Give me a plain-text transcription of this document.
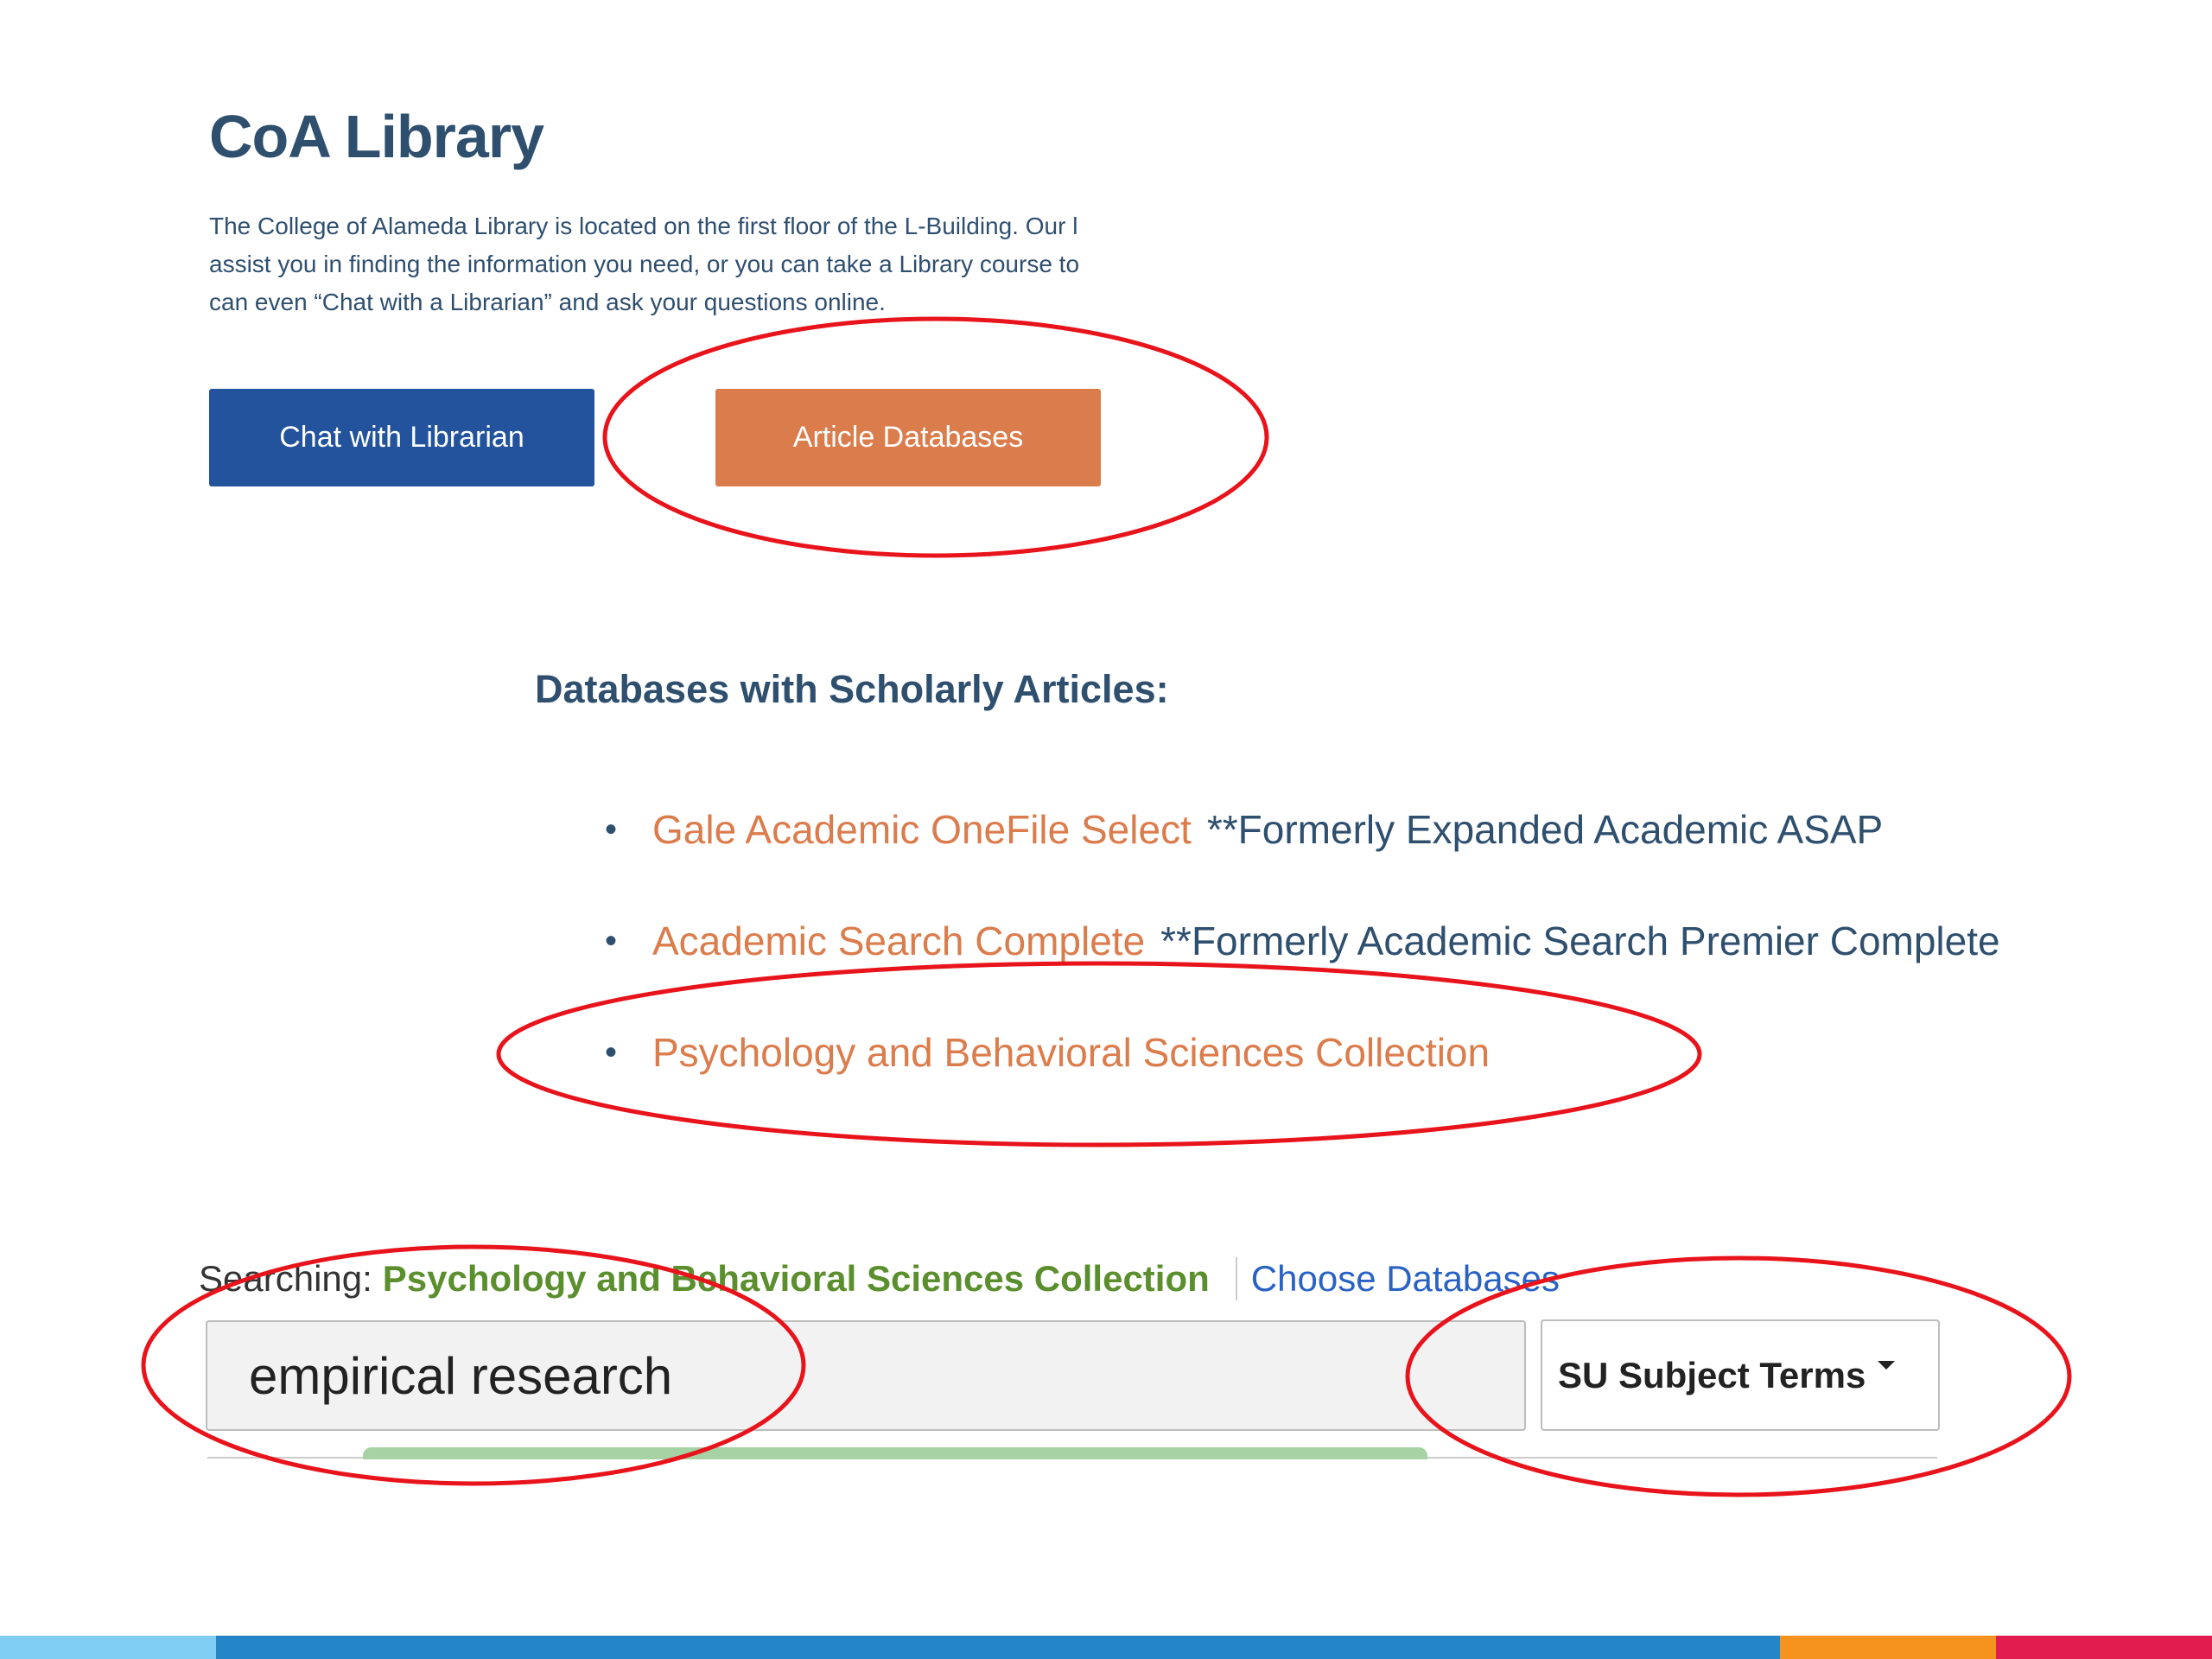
CoA Library
The College of Alameda Library is located on the first floor of the L-Building. Our l
assist you in finding the information you need, or you can take a Library course to
can even “Chat with a Librarian” and ask your questions online.
Chat with Librarian	Article Databases
Databases with Scholarly Articles:
• Gale Academic OneFile Select **Formerly Expanded Academic ASAP
• Academic Search Complete **Formerly Academic Search Premier Complete
• Psychology and Behavioral Sciences Collection
Searching: Psychology and Behavioral Sciences Collection Choose Databases
empirical research
SU Subject Terms
